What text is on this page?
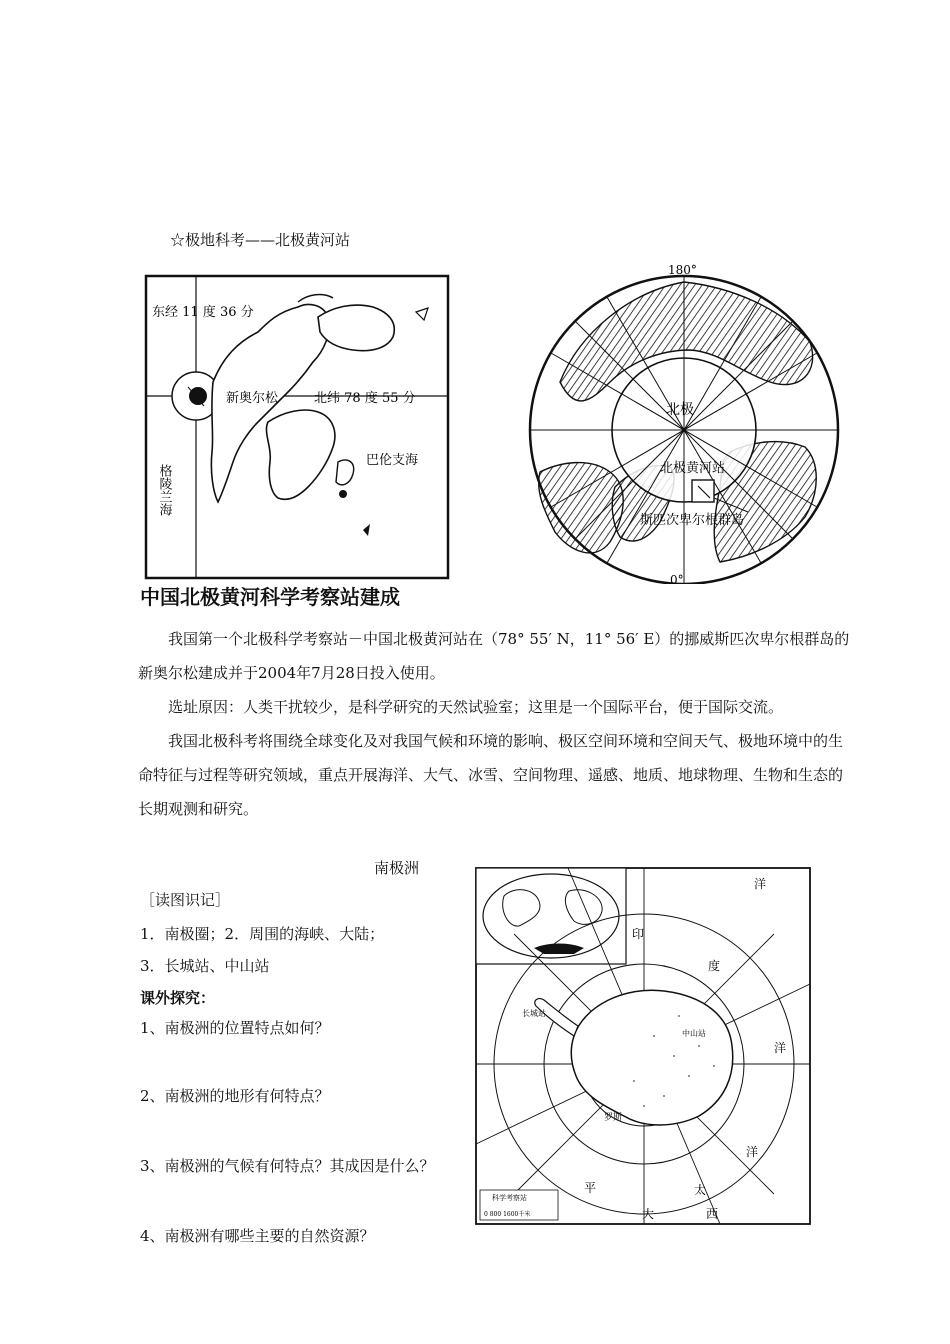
☆极地科考——北极黄河站
东经 11 度 36 分
新奥尔松	北纬 78 度 55 分
巴伦支海
格陵兰海
180°
0°
北极
北极黄河站
斯匹次卑尔根群岛
中国北极黄河科学考察站建成
我国第一个北极科学考察站－中国北极黄河站在（78° 55′ N，11° 56′ E）的挪威斯匹次卑尔根群岛的新奥尔松建成并于2004年7月28日投入使用。
选址原因：人类干扰较少，是科学研究的天然试验室；这里是一个国际平台，便于国际交流。
我国北极科考将围绕全球变化及对我国气候和环境的影响、极区空间环境和空间天气、极地环境中的生命特征与过程等研究领域，重点开展海洋、大气、冰雪、空间物理、遥感、地质、地球物理、生物和生态的长期观测和研究。
南极洲
［读图识记］
1．南极圈；2．周围的海峡、大陆；
3．长城站、中山站
课外探究：
1、南极洲的位置特点如何？
2、南极洲的地形有何特点？
3、南极洲的气候有何特点？其成因是什么？
4、南极洲有哪些主要的自然资源？
印
度
洋
平
洋
大	西
太
洋
长城站
中山站
罗斯
科学考察站
0 800 1600千米
